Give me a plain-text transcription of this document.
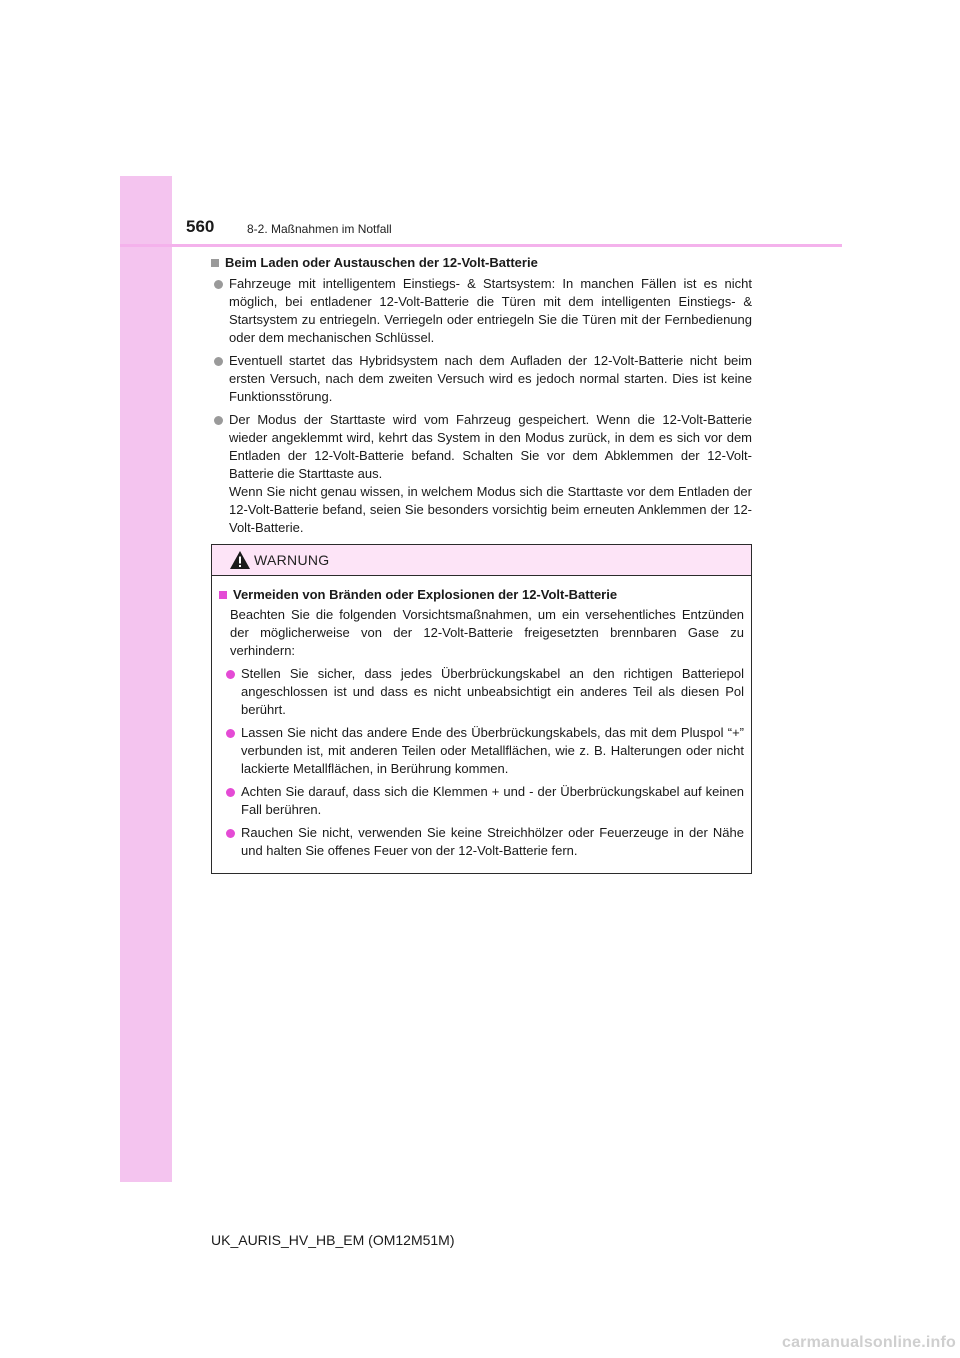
560	8-2. Maßnahmen im Notfall
Beim Laden oder Austauschen der 12-Volt-Batterie
Fahrzeuge mit intelligentem Einstiegs- & Startsystem: In manchen Fällen ist es nicht möglich, bei entladener 12-Volt-Batterie die Türen mit dem intelligenten Einstiegs- & Startsystem zu entriegeln. Verriegeln oder entriegeln Sie die Türen mit der Fernbedienung oder dem mechanischen Schlüssel.
Eventuell startet das Hybridsystem nach dem Aufladen der 12-Volt-Batterie nicht beim ersten Versuch, nach dem zweiten Versuch wird es jedoch normal starten. Dies ist keine Funktionsstörung.
Der Modus der Starttaste wird vom Fahrzeug gespeichert. Wenn die 12-Volt-Batterie wieder angeklemmt wird, kehrt das System in den Modus zurück, in dem es sich vor dem Entladen der 12-Volt-Batterie befand. Schalten Sie vor dem Abklemmen der 12-Volt-Batterie die Starttaste aus.
Wenn Sie nicht genau wissen, in welchem Modus sich die Starttaste vor dem Entladen der 12-Volt-Batterie befand, seien Sie besonders vorsichtig beim erneuten Anklemmen der 12-Volt-Batterie.
WARNUNG
Vermeiden von Bränden oder Explosionen der 12-Volt-Batterie
Beachten Sie die folgenden Vorsichtsmaßnahmen, um ein versehentliches Entzünden der möglicherweise von der 12-Volt-Batterie freigesetzten brennbaren Gase zu verhindern:
Stellen Sie sicher, dass jedes Überbrückungskabel an den richtigen Batteriepol angeschlossen ist und dass es nicht unbeabsichtigt ein anderes Teil als diesen Pol berührt.
Lassen Sie nicht das andere Ende des Überbrückungskabels, das mit dem Pluspol “+” verbunden ist, mit anderen Teilen oder Metallflächen, wie z. B. Halterungen oder nicht lackierte Metallflächen, in Berührung kommen.
Achten Sie darauf, dass sich die Klemmen + und - der Überbrückungskabel auf keinen Fall berühren.
Rauchen Sie nicht, verwenden Sie keine Streichhölzer oder Feuerzeuge in der Nähe und halten Sie offenes Feuer von der 12-Volt-Batterie fern.
UK_AURIS_HV_HB_EM (OM12M51M)
carmanualsonline.info
